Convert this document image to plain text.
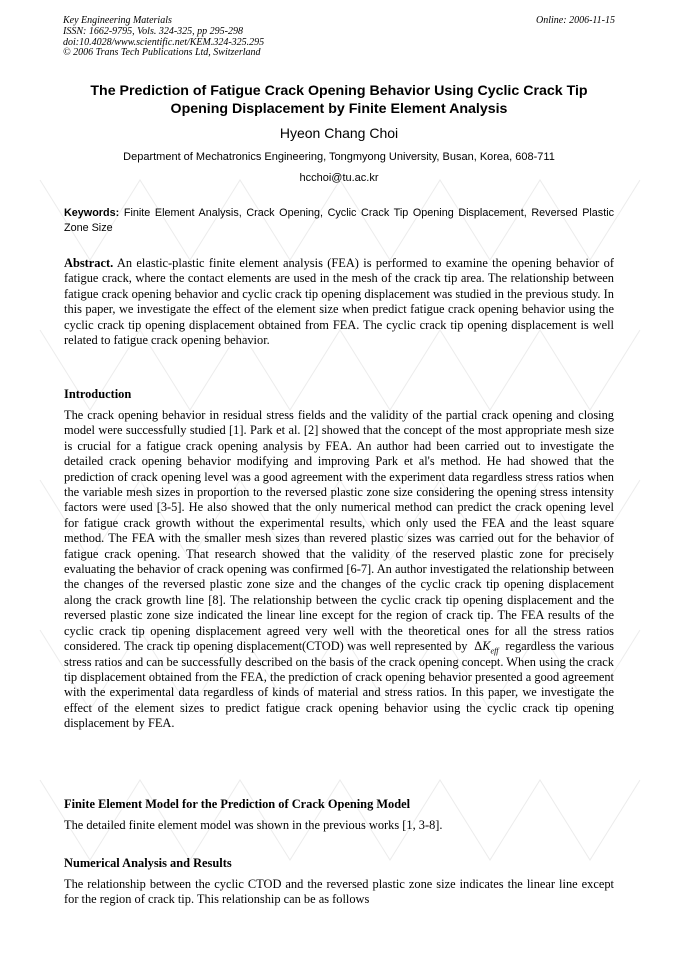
Key Engineering Materials
ISSN: 1662-9795, Vols. 324-325, pp 295-298
doi:10.4028/www.scientific.net/KEM.324-325.295
© 2006 Trans Tech Publications Ltd, Switzerland
Online: 2006-11-15
The Prediction of Fatigue Crack Opening Behavior Using Cyclic Crack Tip Opening Displacement by Finite Element Analysis
Hyeon Chang Choi
Department of Mechatronics Engineering, Tongmyong University, Busan, Korea, 608-711
hcchoi@tu.ac.kr
Keywords: Finite Element Analysis, Crack Opening, Cyclic Crack Tip Opening Displacement, Reversed Plastic Zone Size
Abstract. An elastic-plastic finite element analysis (FEA) is performed to examine the opening behavior of fatigue crack, where the contact elements are used in the mesh of the crack tip area. The relationship between fatigue crack opening behavior and cyclic crack tip opening displacement was studied in the previous study. In this paper, we investigate the effect of the element size when predict fatigue crack opening behavior using the cyclic crack tip opening displacement obtained from FEA. The cyclic crack tip opening displacement is well related to fatigue crack opening behavior.
Introduction
The crack opening behavior in residual stress fields and the validity of the partial crack opening and closing model were successfully studied [1]. Park et al. [2] showed that the concept of the most appropriate mesh size is crucial for a fatigue crack opening analysis by FEA. An author had been carried out to investigate the detailed crack opening behavior modifying and improving Park et al's method. He had showed that the prediction of crack opening level was a good agreement with the experiment data regardless stress ratios when the variable mesh sizes in proportion to the reversed plastic zone size considering the opening stress intensity factors were used [3-5]. He also showed that the only numerical method can predict the crack opening level for fatigue crack growth without the experimental results, which only used the FEA and the least square method. The FEA with the smaller mesh sizes than revered plastic sizes was carried out for the behavior of fatigue crack opening. That research showed that the validity of the reserved plastic zone for precisely evaluating the behavior of crack opening was confirmed [6-7]. An author investigated the relationship between the changes of the reversed plastic zone size and the changes of the cyclic crack tip opening displacement along the crack growth line [8]. The relationship between the cyclic crack tip opening displacement and the reversed plastic zone size indicated the linear line except for the region of crack tip. The FEA results of the cyclic crack tip opening displacement agreed very well with the theoretical ones for all the stress ratios considered. The crack tip opening displacement(CTOD) was well represented by $\Delta K_{eff}$ regardless the various stress ratios and can be successfully described on the basis of the crack opening concept. When using the crack tip displacement obtained from the FEA, the prediction of crack opening behavior presented a good agreement with the experimental data regardless of kinds of material and stress ratios. In this paper, we investigate the effect of the element sizes to predict fatigue crack opening behavior using the cyclic crack tip opening displacement by FEA.
Finite Element Model for the Prediction of Crack Opening Model
The detailed finite element model was shown in the previous works [1, 3-8].
Numerical Analysis and Results
The relationship between the cyclic CTOD and the reversed plastic zone size indicates the linear line except for the region of crack tip. This relationship can be as follows
